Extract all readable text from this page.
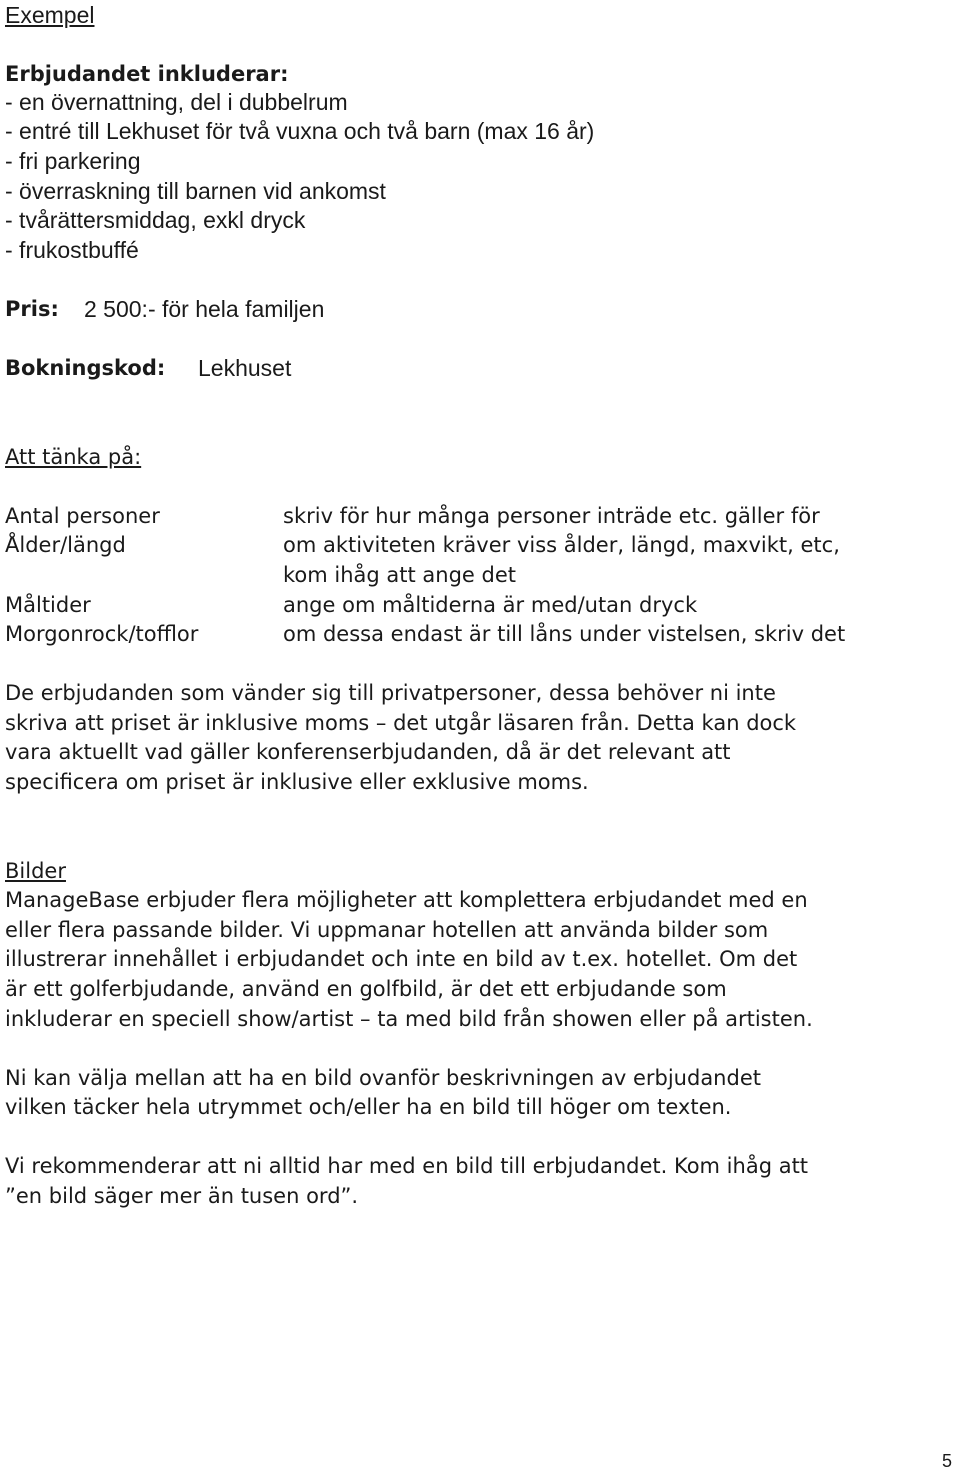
Exempel
Erbjudandet inkluderar:
- en övernattning, del i dubbelrum
- entré till Lekhuset för två vuxna och två barn (max 16 år)
- fri parkering
- överraskning till barnen vid ankomst
- tvårättersmiddag, exkl dryck
- frukostbuffé
Pris: 2 500:- för hela familjen
Bokningskod: Lekhuset
Att tänka på:
Antal personer	skriv för hur många personer inträde etc. gäller för
Ålder/längd	om aktiviteten kräver viss ålder, längd, maxvikt, etc,
kom ihåg att ange det
Måltider	ange om måltiderna är med/utan dryck
Morgonrock/tofflor	om dessa endast är till låns under vistelsen, skriv det
De erbjudanden som vänder sig till privatpersoner, dessa behöver ni inte
skriva att priset är inklusive moms – det utgår läsaren från. Detta kan dock
vara aktuellt vad gäller konferenserbjudanden, då är det relevant att
specificera om priset är inklusive eller exklusive moms.
Bilder
ManageBase erbjuder flera möjligheter att komplettera erbjudandet med en
eller flera passande bilder. Vi uppmanar hotellen att använda bilder som
illustrerar innehållet i erbjudandet och inte en bild av t.ex. hotellet. Om det
är ett golferbjudande, använd en golfbild, är det ett erbjudande som
inkluderar en speciell show/artist – ta med bild från showen eller på artisten.
Ni kan välja mellan att ha en bild ovanför beskrivningen av erbjudandet
vilken täcker hela utrymmet och/eller ha en bild till höger om texten.
Vi rekommenderar att ni alltid har med en bild till erbjudandet. Kom ihåg att
”en bild säger mer än tusen ord”.
5
